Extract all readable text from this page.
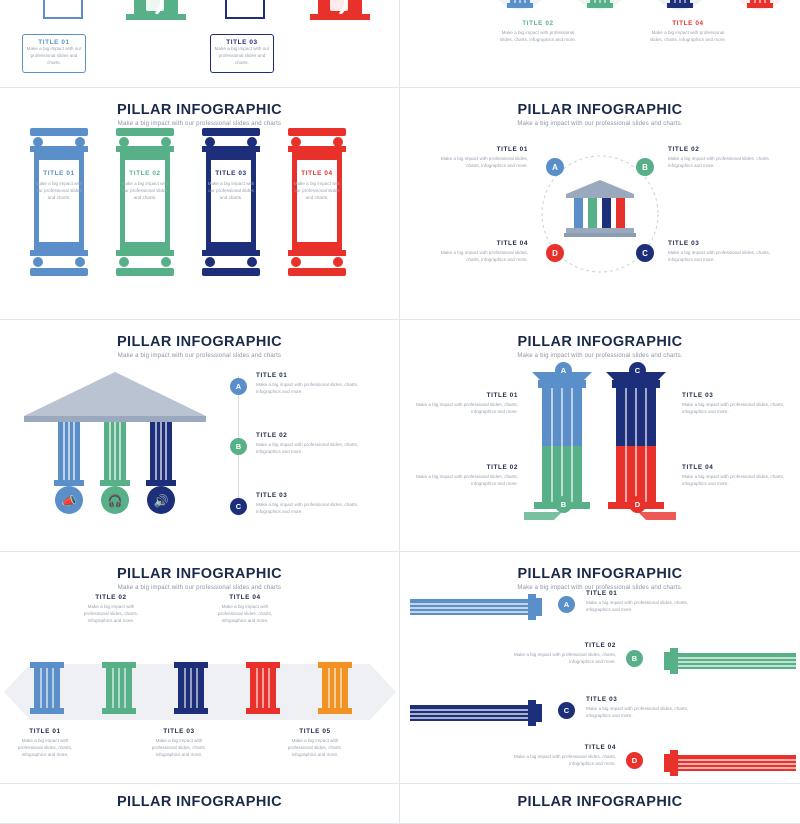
TITLE 01
Make a big impact with our professional slides and charts.
TITLE 03
Make a big impact with our professional slides and charts.
TITLE 02
Make a big impact with professional slides, charts, infographics and more.
TITLE 04
Make a big impact with professional slides, charts, infographics and more.
PILLAR INFOGRAPHIC
Make a big impact with our professional slides and charts
TITLE 01
Make a big impact with our professional slides and charts.
TITLE 02
Make a big impact with our professional slides and charts.
TITLE 03
Make a big impact with our professional slides and charts.
TITLE 04
Make a big impact with our professional slides and charts.
PILLAR INFOGRAPHIC
Make a big impact with our professional slides and charts.
A	B
C
D
TITLE 01
Make a big impact with professional slides, charts, infographics and more.
TITLE 02
Make a big impact with professional slides, charts, infographics and more.
TITLE 03
Make a big impact with professional slides, charts, infographics and more.
TITLE 04
Make a big impact with professional slides, charts, infographics and more.
PILLAR INFOGRAPHIC
Make a big impact with our professional slides and charts
📣	🎧	🔊
A
TITLE 01
Make a big impact with professional slides, charts, infographics and more.
B
TITLE 02
Make a big impact with professional slides, charts, infographics and more.
C
TITLE 03
Make a big impact with professional slides, charts, infographics and more.
PILLAR INFOGRAPHIC
Make a big impact with our professional slides and charts.
A
B
C
D
TITLE 01
Make a big impact with professional slides, charts, infographics and more.
TITLE 02
Make a big impact with professional slides, charts, infographics and more.
TITLE 03
Make a big impact with professional slides, charts, infographics and more.
TITLE 04
Make a big impact with professional slides, charts, infographics and more.
PILLAR INFOGRAPHIC
Make a big impact with our professional slides and charts
TITLE 02
Make a big impact with professional slides, charts, infographics and more.
TITLE 04
Make a big impact with professional slides, charts, infographics and more.
TITLE 01
Make a big impact with professional slides, charts, infographics and more.
TITLE 03
Make a big impact with professional slides, charts, infographics and more.
TITLE 05
Make a big impact with professional slides, charts, infographics and more.
PILLAR INFOGRAPHIC
Make a big impact with our professional slides and charts.
A
TITLE 01
Make a big impact with professional slides, charts, infographics and more.
B
TITLE 02
Make a big impact with professional slides, charts, infographics and more.
C
TITLE 03
Make a big impact with professional slides, charts, infographics and more.
D
TITLE 04
Make a big impact with professional slides, charts, infographics and more.
PILLAR INFOGRAPHIC	PILLAR INFOGRAPHIC
